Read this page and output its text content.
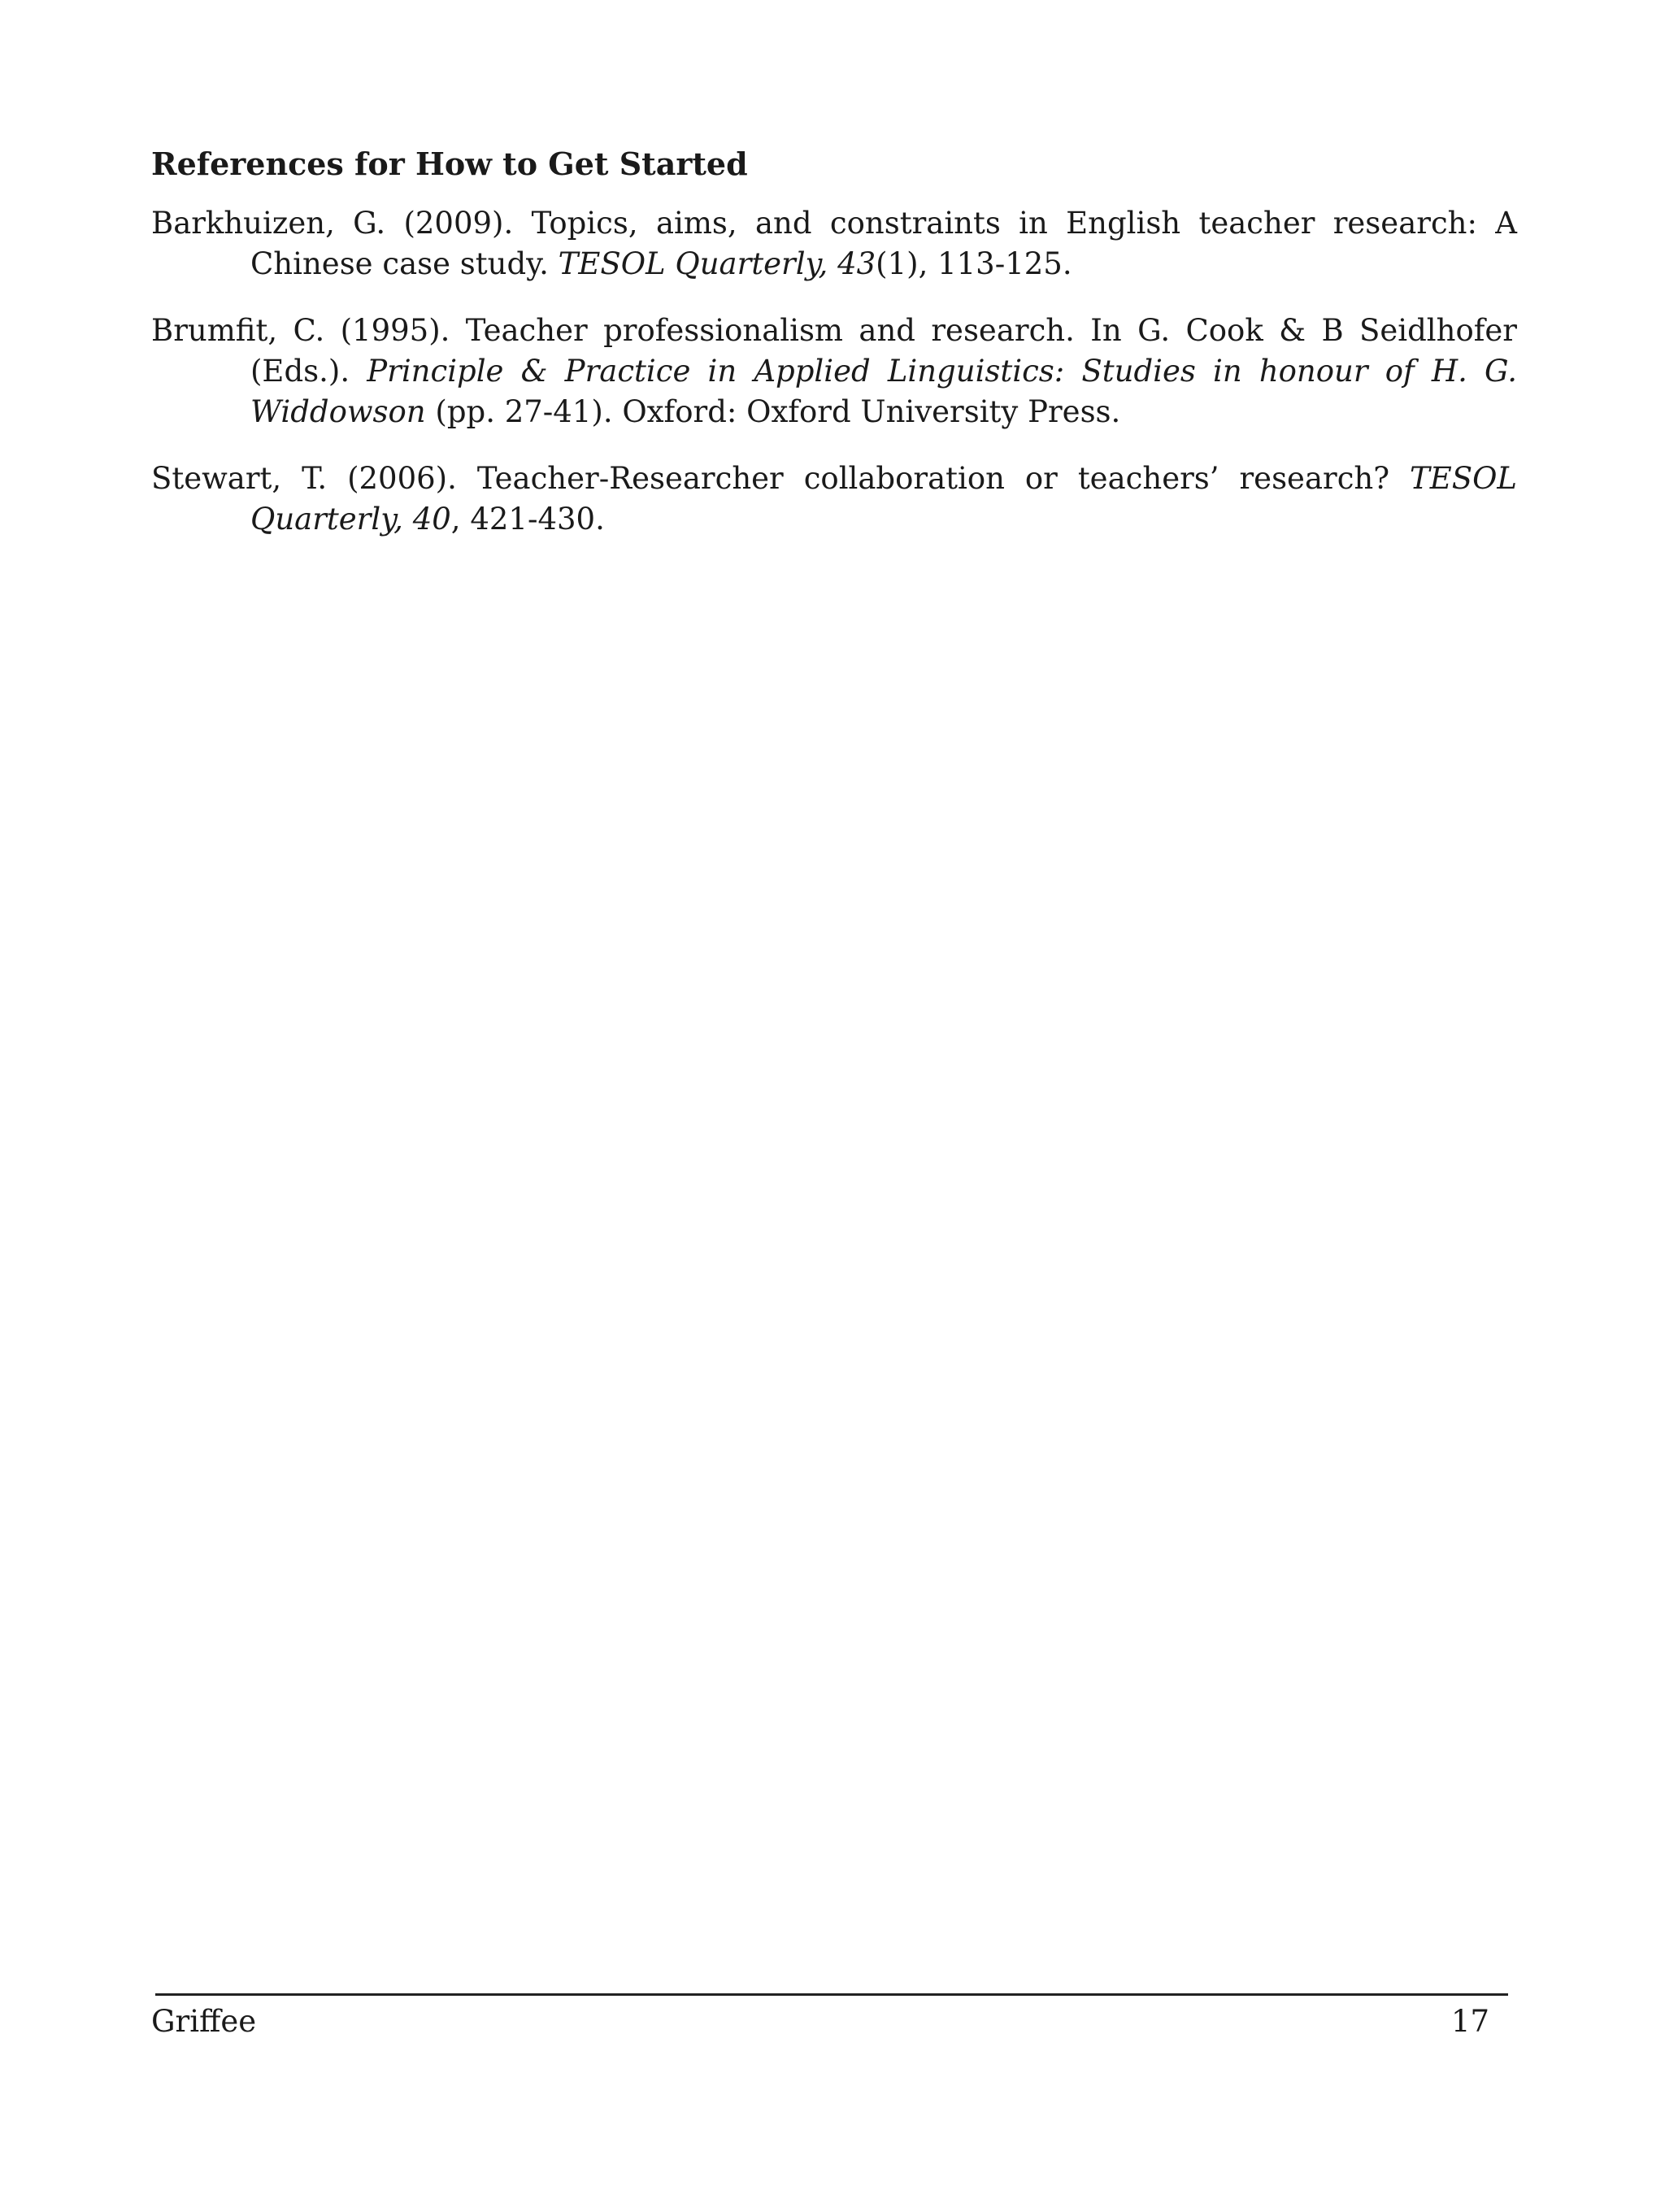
References for How to Get Started

Barkhuizen, G. (2009). Topics, aims, and constraints in English teacher research: A Chinese case study. TESOL Quarterly, 43(1), 113-125.

Brumfit, C. (1995). Teacher professionalism and research. In G. Cook & B Seidlhofer (Eds.). Principle & Practice in Applied Linguistics: Studies in honour of H. G. Widdowson (pp. 27-41). Oxford: Oxford University Press.

Stewart, T. (2006). Teacher-Researcher collaboration or teachers’ research? TESOL Quarterly, 40, 421-430.

Griffee	17
